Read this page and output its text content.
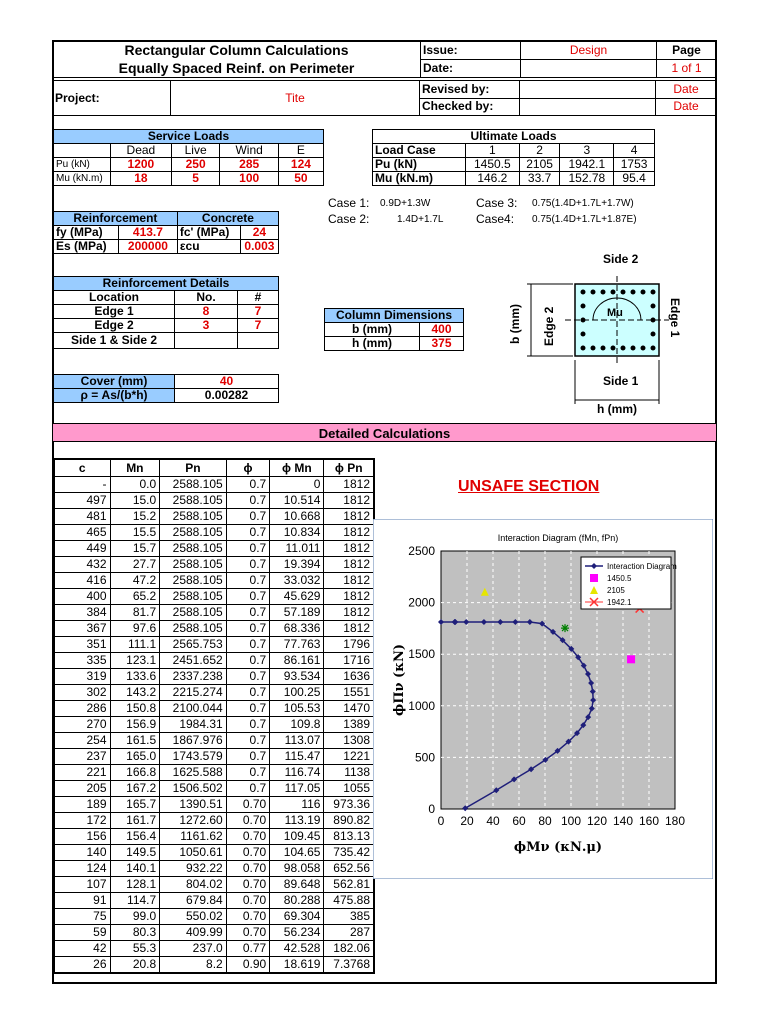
Rectangular Column Calculations	Issue:	Design	Page
Equally Spaced Reinf. on Perimeter	Date:		1 of 1
Project:	Tite	Revised by:		Date
		Checked by:		Date
Service Loads				
	Dead	Live	Wind	E
Pu (kN)	1200	250	285	124
Mu (kN.m)	18	5	100	50
Ultimate Loads				
Load Case	1	2	3	4
Pu (kN)	1450.5	2105	1942.1	1753
Mu (kN.m)	146.2	33.7	152.78	95.4
Case 1: 0.9D+1.3W	Case 3: 0.75(1.4D+1.7L+1.7W)
Case 2:	1.4D+1.7L	Case4: 0.75(1.4D+1.7L+1.87E)
Reinforcement		Concrete	
fy (MPa)	413.7	fc' (MPa)	24
Es (MPa)	200000	εcu	0.003
Reinforcement Details		
Location	No.	#
Edge 1	8	7
Edge 2	3	7
Side 1 & Side 2		
Column Dimensions	
b (mm)	400
h (mm)	375
Mu
Side 2
Side 1
Edge 2	Edge 1
b (mm)
h (mm)
Cover (mm)	40
ρ = As/(b*h)	0.00282
Detailed Calculations
c	Mn	Pn	ϕ	ϕ Mn	ϕ Pn
-	0.0	2588.105	0.7	0	1812
497	15.0	2588.105	0.7	10.514	1812
481	15.2	2588.105	0.7	10.668	1812
465	15.5	2588.105	0.7	10.834	1812
449	15.7	2588.105	0.7	11.011	1812
432	27.7	2588.105	0.7	19.394	1812
416	47.2	2588.105	0.7	33.032	1812
400	65.2	2588.105	0.7	45.629	1812
384	81.7	2588.105	0.7	57.189	1812
367	97.6	2588.105	0.7	68.336	1812
351	111.1	2565.753	0.7	77.763	1796
335	123.1	2451.652	0.7	86.161	1716
319	133.6	2337.238	0.7	93.534	1636
302	143.2	2215.274	0.7	100.25	1551
286	150.8	2100.044	0.7	105.53	1470
270	156.9	1984.31	0.7	109.8	1389
254	161.5	1867.976	0.7	113.07	1308
237	165.0	1743.579	0.7	115.47	1221
221	166.8	1625.588	0.7	116.74	1138
205	167.2	1506.502	0.7	117.05	1055
189	165.7	1390.51	0.70	116	973.36
172	161.7	1272.60	0.70	113.19	890.82
156	156.4	1161.62	0.70	109.45	813.13
140	149.5	1050.61	0.70	104.65	735.42
124	140.1	932.22	0.70	98.058	652.56
107	128.1	804.02	0.70	89.648	562.81
91	114.7	679.84	0.70	80.288	475.88
75	99.0	550.02	0.70	69.304	385
59	80.3	409.99	0.70	56.234	287
42	55.3	237.0	0.77	42.528	182.06
26	20.8	8.2	0.90	18.619	7.3768
UNSAFE SECTION
0 20 40 60 80 100 120 140 160 180
0
500
1000
1500
2000
2500
Interaction Diagram (fMn, fPn)
ϕMν (κΝ.μ)
ϕΠν (κΝ)
Interaction Diagram
1450.5
2105
1942.1
